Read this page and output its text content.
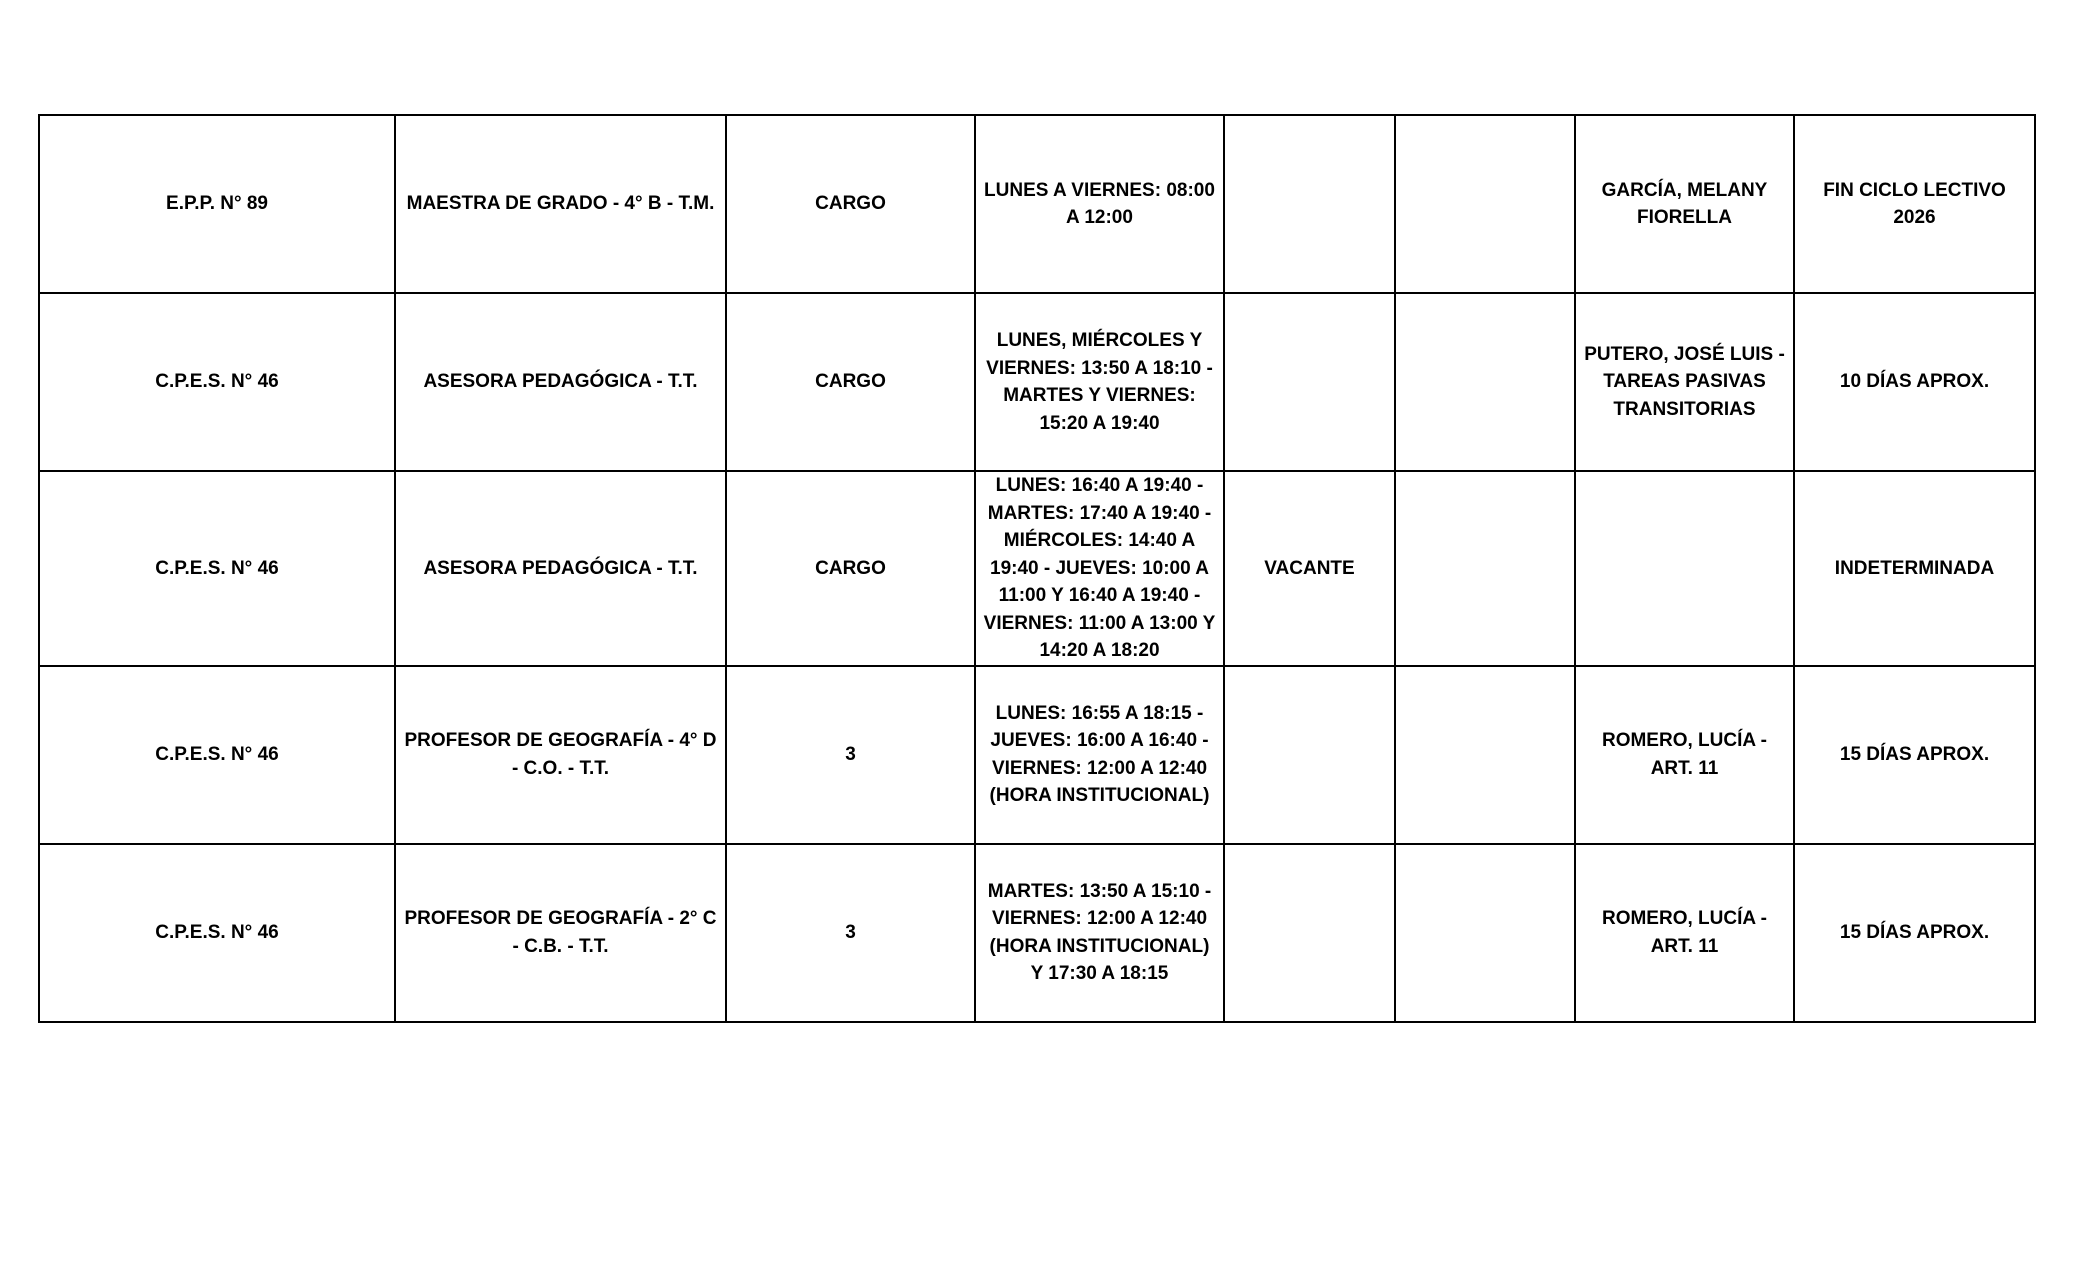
E.P.P. N° 89	MAESTRA DE GRADO - 4° B - T.M.	CARGO	LUNES A VIERNES: 08:00 A 12:00			GARCÍA, MELANY FIORELLA	FIN CICLO LECTIVO 2026

C.P.E.S. N° 46	ASESORA PEDAGÓGICA - T.T.	CARGO	LUNES, MIÉRCOLES Y VIERNES: 13:50 A 18:10 - MARTES Y VIERNES: 15:20 A 19:40			PUTERO, JOSÉ LUIS - TAREAS PASIVAS TRANSITORIAS	10 DÍAS APROX.

C.P.E.S. N° 46	ASESORA PEDAGÓGICA - T.T.	CARGO	LUNES: 16:40 A 19:40 - MARTES: 17:40 A 19:40 - MIÉRCOLES: 14:40 A 19:40 - JUEVES: 10:00 A 11:00 Y 16:40 A 19:40 - VIERNES: 11:00 A 13:00 Y 14:20 A 18:20	VACANTE			INDETERMINADA

C.P.E.S. N° 46	PROFESOR DE GEOGRAFÍA - 4° D - C.O. - T.T.	3	LUNES: 16:55 A 18:15 - JUEVES: 16:00 A 16:40 - VIERNES: 12:00 A 12:40 (HORA INSTITUCIONAL)			ROMERO, LUCÍA - ART. 11	15 DÍAS APROX.

C.P.E.S. N° 46	PROFESOR DE GEOGRAFÍA - 2° C - C.B. - T.T.	3	MARTES: 13:50 A 15:10 - VIERNES: 12:00 A 12:40 (HORA INSTITUCIONAL) Y 17:30 A 18:15			ROMERO, LUCÍA - ART. 11	15 DÍAS APROX.
